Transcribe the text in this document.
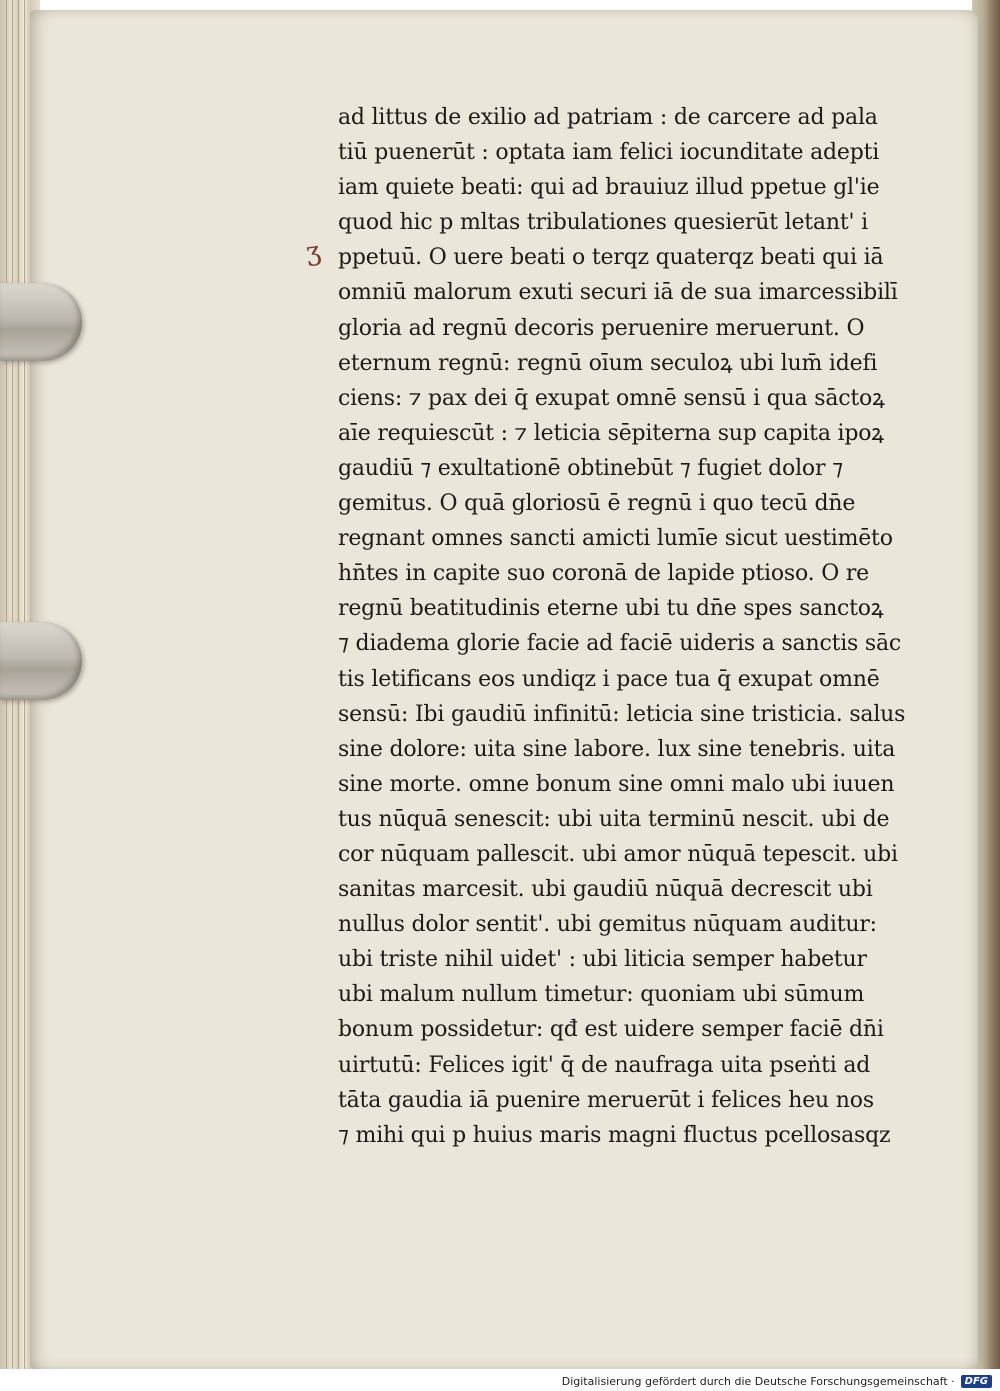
ʒ
ad littus de exilio ad patriam : de carcere ad pala
tiū puenerūt : optata iam felici iocunditate adepti
iam quiete beati: qui ad brauiuz illud ppetue gl'ie
quod hic p mltas tribulationes quesierūt letant' i
ppetuū. O uere beati o terqz quaterqz beati qui iā
omniū malorum exuti securi iā de sua imarcessibilī
gloria ad regnū decoris peruenire meruerunt. O
eternum regnū: regnū oīum seculoꝝ ubi lum̄ idefi
ciens: ⁊ pax dei q̄ exupat omnē sensū i qua sāctoꝝ
aīe requiescūt : ⁊ leticia sēpiterna sup capita ipoꝝ
gaudiū ⁊ exultationē obtinebūt ⁊ fugiet dolor ⁊
gemitus. O quā gloriosū ē regnū i quo tecū dn̄e
regnant omnes sancti amicti lumīe sicut uestimēto
hn̄tes in capite suo coronā de lapide ptioso. O re
regnū beatitudinis eterne ubi tu dn̄e spes sanctoꝝ
⁊ diadema glorie facie ad faciē uideris a sanctis sāc
tis letificans eos undiqz i pace tua q̄ exupat omnē
sensū: Ibi gaudiū infinitū: leticia sine tristicia. salus
sine dolore: uita sine labore. lux sine tenebris. uita
sine morte. omne bonum sine omni malo ubi iuuen
tus nūquā senescit: ubi uita terminū nescit. ubi de
cor nūquam pallescit. ubi amor nūquā tepescit. ubi
sanitas marcesit. ubi gaudiū nūquā decrescit ubi
nullus dolor sentit'. ubi gemitus nūquam auditur:
ubi triste nihil uidet' : ubi liticia semper habetur
ubi malum nullum timetur: quoniam ubi sūmum
bonum possidetur: qđ est uidere semper faciē dn̄i
uirtutū: Felices igit' q̄ de naufraga uita pseṅti ad
tāta gaudia iā puenire meruerūt i felices heu nos
⁊ mihi qui p huius maris magni fluctus pcellosasqz
Digitalisierung gefördert durch die Deutsche Forschungsgemeinschaft ·	DFG
